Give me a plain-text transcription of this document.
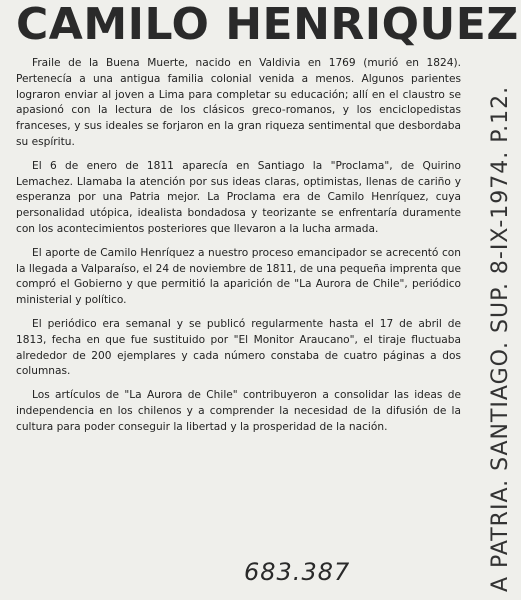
CAMILO HENRIQUEZ

Fraile de la Buena Muerte, nacido en Valdivia en 1769 (murió en 1824). Pertenecía a una antigua familia colonial venida a menos. Algunos parientes lograron enviar al joven a Lima para completar su educación; allí en el claustro se apasionó con la lectura de los clásicos greco-romanos, y los enciclopedistas franceses, y sus ideales se forjaron en la gran riqueza sentimental que desbordaba su espíritu.

El 6 de enero de 1811 aparecía en Santiago la "Proclama", de Quirino Lemachez. Llamaba la atención por sus ideas claras, optimistas, llenas de cariño y esperanza por una Patria mejor. La Proclama era de Camilo Henríquez, cuya personalidad utópica, idealista bondadosa y teorizante se enfrentaría duramente con los acontecimientos posteriores que llevaron a la lucha armada.

El aporte de Camilo Henríquez a nuestro proceso emancipador se acrecentó con la llegada a Valparaíso, el 24 de noviembre de 1811, de una pequeña imprenta que compró el Gobierno y que permitió la aparición de "La Aurora de Chile", periódico ministerial y político.

El periódico era semanal y se publicó regularmente hasta el 17 de abril de 1813, fecha en que fue sustituido por "El Monitor Araucano", el tiraje fluctuaba alrededor de 200 ejemplares y cada número constaba de cuatro páginas a dos columnas.

Los artículos de "La Aurora de Chile" contribuyeron a consolidar las ideas de independencia en los chilenos y a comprender la necesidad de la difusión de la cultura para poder conseguir la libertad y la prosperidad de la nación.	A PATRIA. SANTIAGO. SUP. 8-IX-1974. P.12.
683.387
